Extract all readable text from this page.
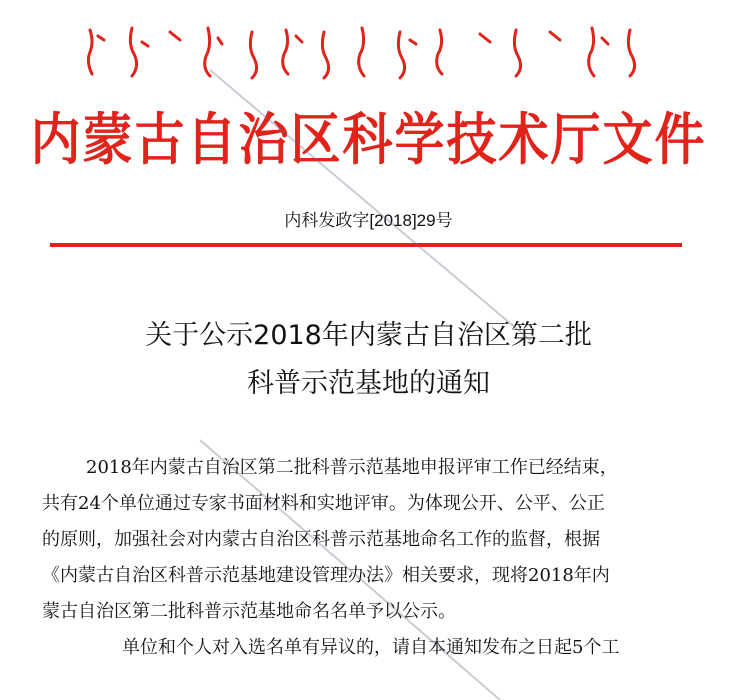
内蒙古自治区科学技术厅文件
内科发政字[2018]29号
关于公示2018年内蒙古自治区第二批
科普示范基地的通知
2018年内蒙古自治区第二批科普示范基地申报评审工作已经结束，
共有24个单位通过专家书面材料和实地评审。为体现公开、公平、公正
的原则，加强社会对内蒙古自治区科普示范基地命名工作的监督，根据
《内蒙古自治区科普示范基地建设管理办法》相关要求，现将2018年内
蒙古自治区第二批科普示范基地命名名单予以公示。
单位和个人对入选名单有异议的，请自本通知发布之日起5个工
